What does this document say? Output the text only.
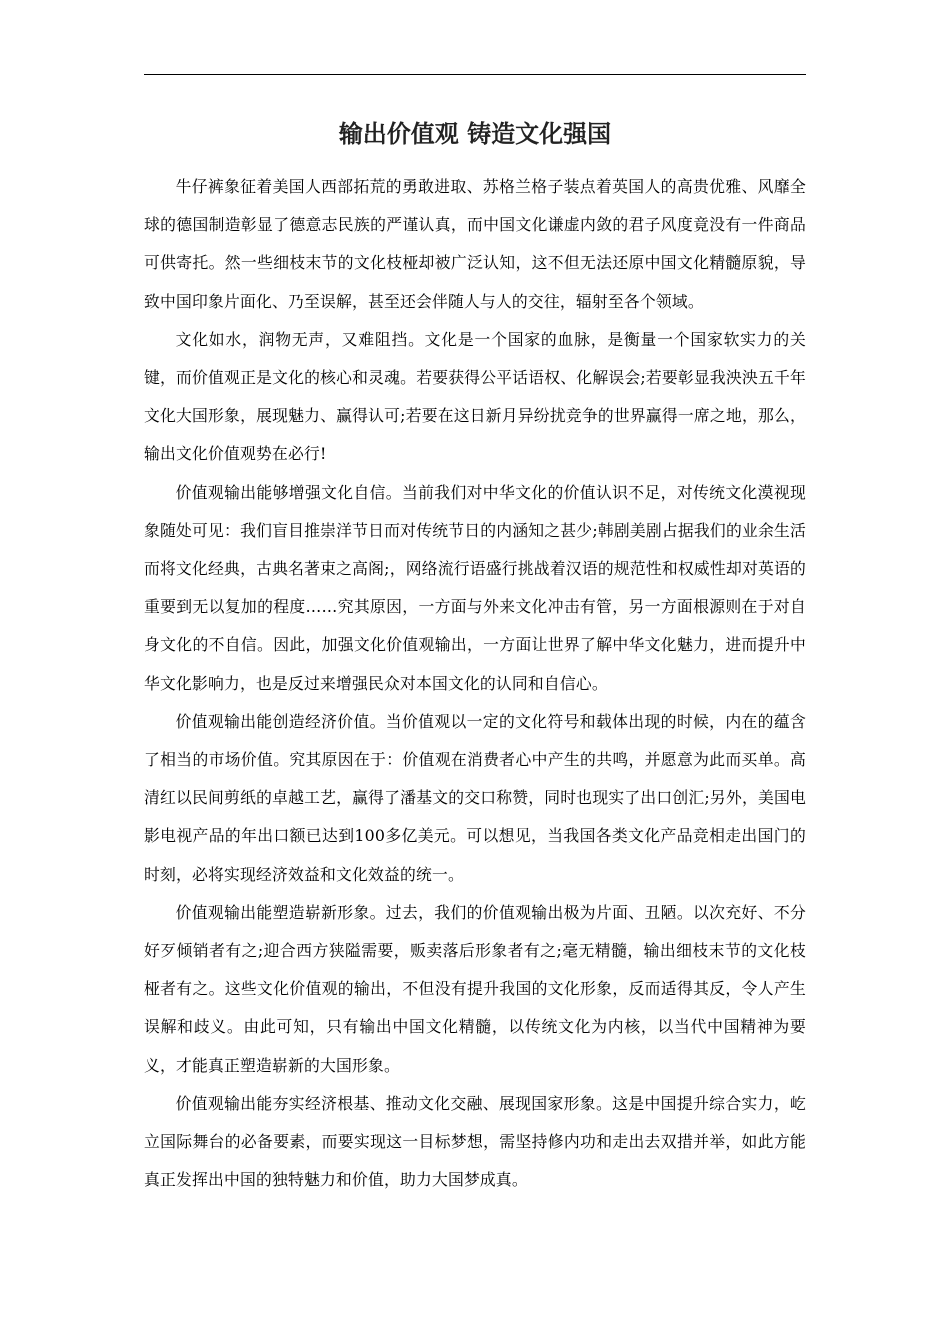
输出价值观 铸造文化强国

牛仔裤象征着美国人西部拓荒的勇敢进取、苏格兰格子装点着英国人的高贵优雅、风靡全球的德国制造彰显了德意志民族的严谨认真，而中国文化谦虚内敛的君子风度竟没有一件商品可供寄托。然一些细枝末节的文化枝桠却被广泛认知，这不但无法还原中国文化精髓原貌，导致中国印象片面化、乃至误解，甚至还会伴随人与人的交往，辐射至各个领域。

文化如水，润物无声，又难阻挡。文化是一个国家的血脉，是衡量一个国家软实力的关键，而价值观正是文化的核心和灵魂。若要获得公平话语权、化解误会;若要彰显我泱泱五千年文化大国形象，展现魅力、赢得认可;若要在这日新月异纷扰竞争的世界赢得一席之地，那么，输出文化价值观势在必行!

价值观输出能够增强文化自信。当前我们对中华文化的价值认识不足，对传统文化漠视现象随处可见：我们盲目推崇洋节日而对传统节日的内涵知之甚少;韩剧美剧占据我们的业余生活而将文化经典，古典名著束之高阁;，网络流行语盛行挑战着汉语的规范性和权威性却对英语的重要到无以复加的程度……究其原因，一方面与外来文化冲击有管，另一方面根源则在于对自身文化的不自信。因此，加强文化价值观输出，一方面让世界了解中华文化魅力，进而提升中华文化影响力，也是反过来增强民众对本国文化的认同和自信心。

价值观输出能创造经济价值。当价值观以一定的文化符号和载体出现的时候，内在的蕴含了相当的市场价值。究其原因在于：价值观在消费者心中产生的共鸣，并愿意为此而买单。高清红以民间剪纸的卓越工艺，赢得了潘基文的交口称赞，同时也现实了出口创汇;另外，美国电影电视产品的年出口额已达到100多亿美元。可以想见，当我国各类文化产品竞相走出国门的时刻，必将实现经济效益和文化效益的统一。

价值观输出能塑造崭新形象。过去，我们的价值观输出极为片面、丑陋。以次充好、不分好歹倾销者有之;迎合西方狭隘需要，贩卖落后形象者有之;毫无精髓，输出细枝末节的文化枝桠者有之。这些文化价值观的输出，不但没有提升我国的文化形象，反而适得其反，令人产生误解和歧义。由此可知，只有输出中国文化精髓，以传统文化为内核，以当代中国精神为要义，才能真正塑造崭新的大国形象。

价值观输出能夯实经济根基、推动文化交融、展现国家形象。这是中国提升综合实力，屹立国际舞台的必备要素，而要实现这一目标梦想，需坚持修内功和走出去双措并举，如此方能真正发挥出中国的独特魅力和价值，助力大国梦成真。
